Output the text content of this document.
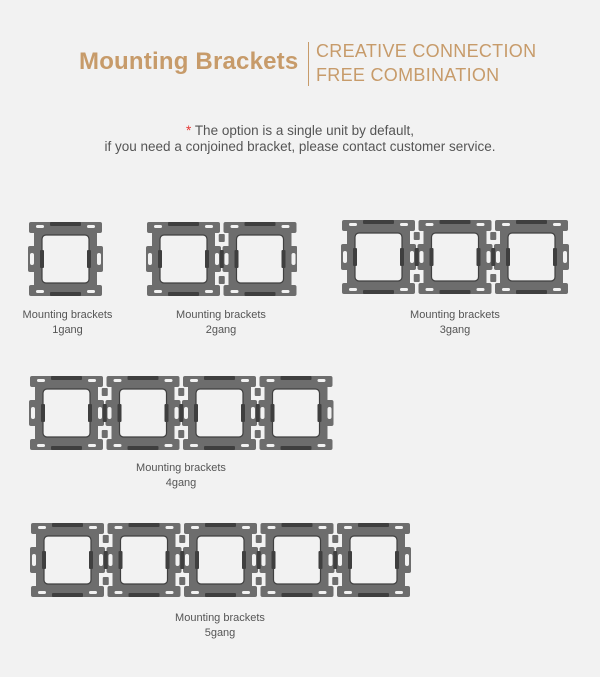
Mounting Brackets CREATIVE CONNECTION
FREE COMBINATION
* The option is a single unit by default,
if you need a conjoined bracket, please contact customer service.
Mounting brackets
1gang
Mounting brackets
2gang
Mounting brackets
3gang
Mounting brackets
4gang
Mounting brackets
5gang
